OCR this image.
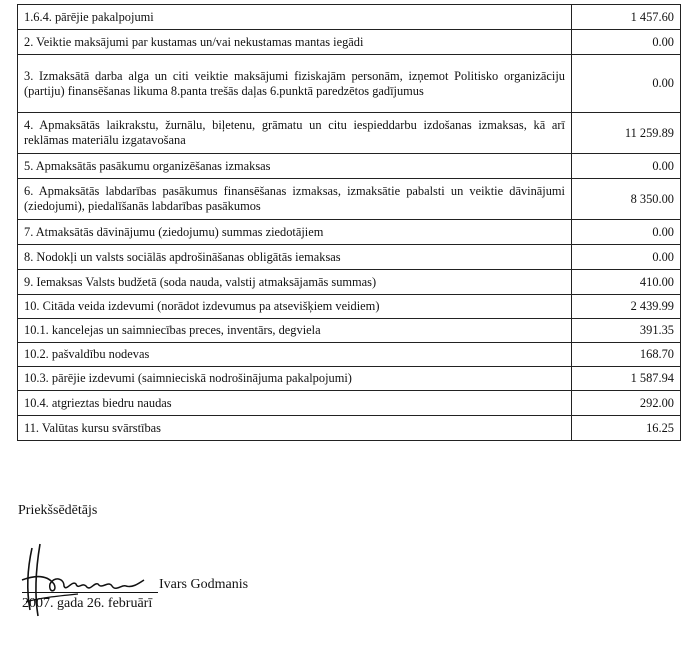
1.6.4. pārējie pakalpojumi	1 457.60
2. Veiktie maksājumi par kustamas un/vai nekustamas mantas iegādi	0.00
3. Izmaksātā darba alga un citi veiktie maksājumi fiziskajām personām, izņemot Politisko organizāciju (partiju) finansēšanas likuma 8.panta trešās daļas 6.punktā paredzētos gadījumus	0.00
4. Apmaksātās laikrakstu, žurnālu, biļetenu, grāmatu un citu iespieddarbu izdošanas izmaksas, kā arī reklāmas materiālu izgatavošana	11 259.89
5. Apmaksātās pasākumu organizēšanas izmaksas	0.00
6. Apmaksātās labdarības pasākumus finansēšanas izmaksas, izmaksātie pabalsti un veiktie dāvinājumi (ziedojumi), piedalīšanās labdarības pasākumos	8 350.00
7. Atmaksātās dāvinājumu (ziedojumu) summas ziedotājiem	0.00
8. Nodokļi un valsts sociālās apdrošināšanas obligātās iemaksas	0.00
9. Iemaksas Valsts budžetā (soda nauda, valstij atmaksājamās summas)	410.00
10. Citāda veida izdevumi (norādot izdevumus pa atsevišķiem veidiem)	2 439.99
10.1. kancelejas un saimniecības preces, inventārs, degviela	391.35
10.2. pašvaldību nodevas	168.70
10.3. pārējie izdevumi (saimnieciskā nodrošinājuma pakalpojumi)	1 587.94
10.4. atgrieztas biedru naudas	292.00
11. Valūtas kursu svārstības	16.25
Priekšsēdētājs
Ivars Godmanis
2007. gada 26. februārī
